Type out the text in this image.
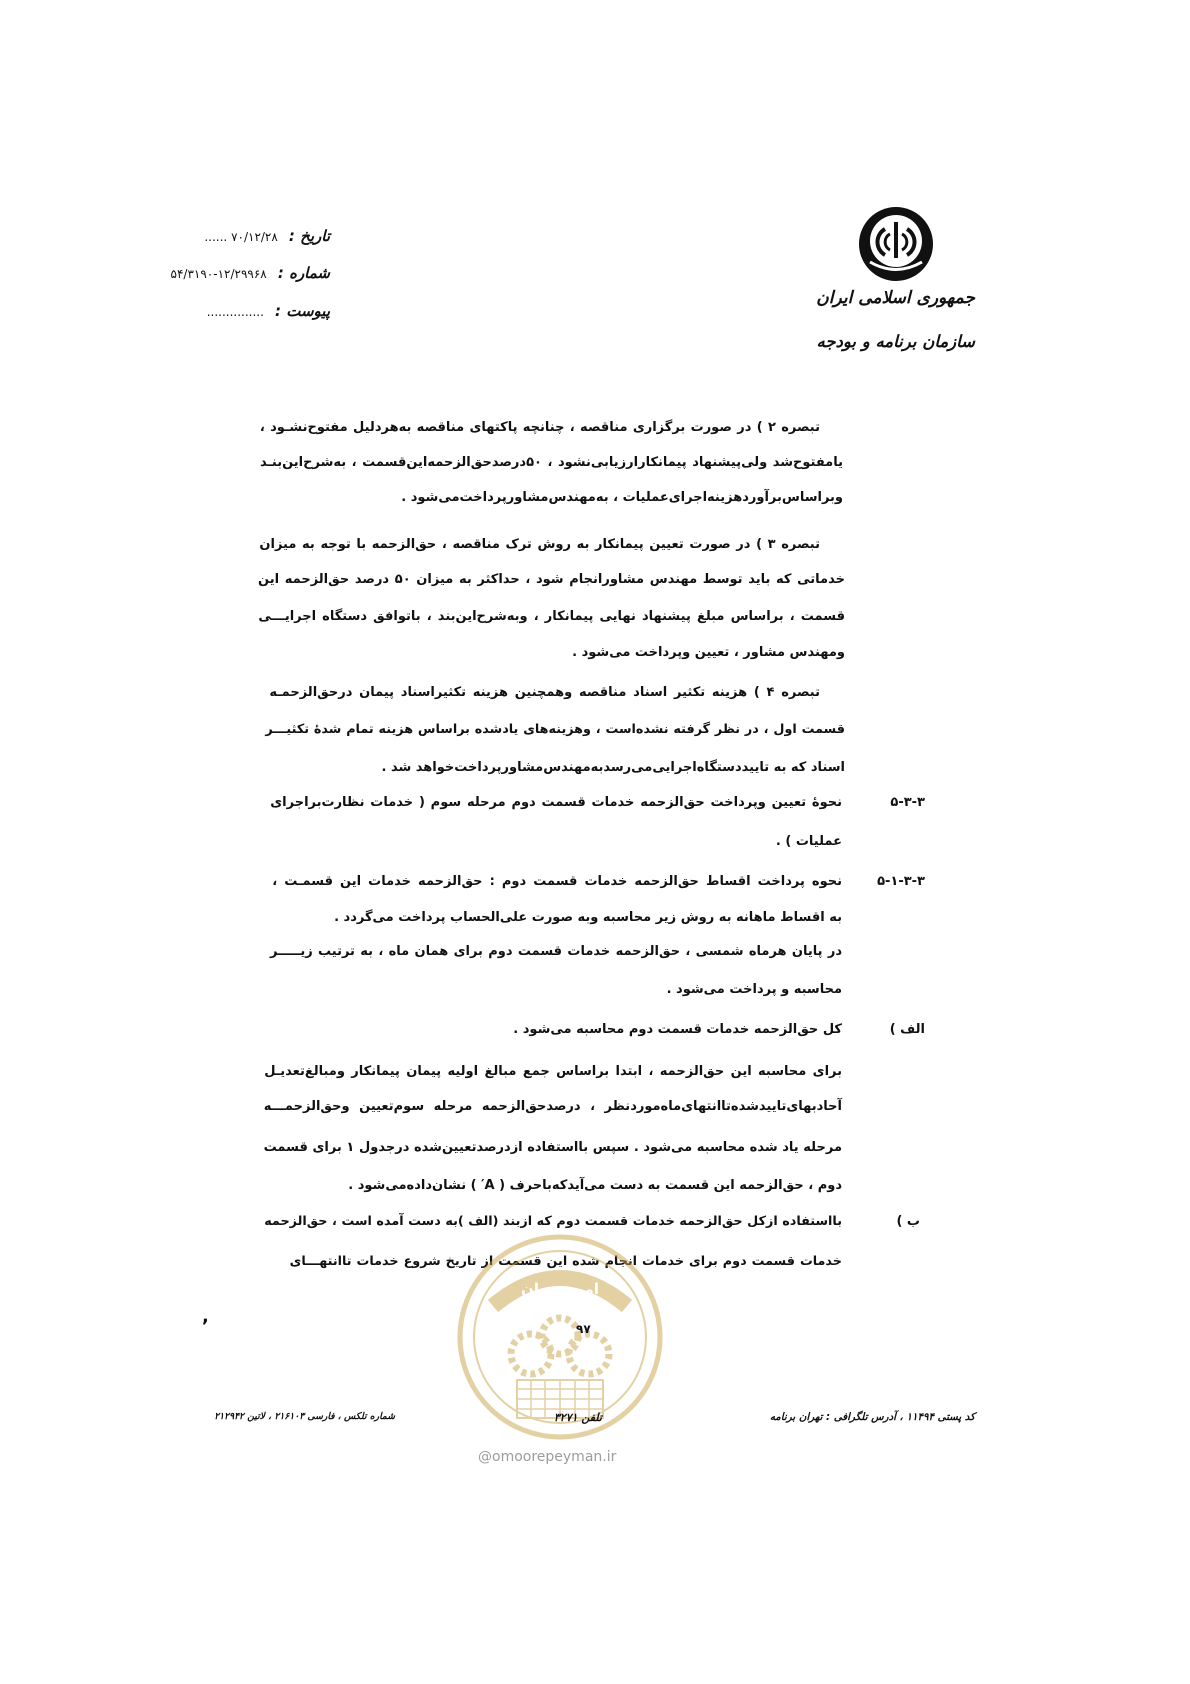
جمهوری اسلامی ایران
سازمان برنامه و بودجه
تاریخ : ۷۰/۱۲/۲۸ ......
شماره : ۱۲/۲۹۹۶۸-۵۴/۳۱۹۰
پیوست : ...............
تبصره ۲ ) در صورت برگزاری مناقصه ، چنانچه پاکتهای مناقصه به‌هردلیل مفتوح‌نشـود ،
یامفتوح‌شد ولی‌پیشنهاد پیمانکارارزیابی‌نشود ، ۵۰درصدحق‌الزحمه‌این‌قسمت ، به‌شرح‌این‌بنـد
وبراساس‌برآوردهزینه‌اجرای‌عملیات ، به‌مهندس‌مشاورپرداخت‌می‌شود .
تبصره ۳ ) در صورت تعیین پیمانکار به روش ترک مناقصه ، حق‌الزحمه با توجه به میزان
خدماتی که باید توسط مهندس مشاورانجام شود ، حداکثر به میزان ۵۰ درصد حق‌الزحمه این
قسمت ، براساس مبلغ پیشنهاد نهایی پیمانکار ، وبه‌شرح‌این‌بند ، باتوافق دستگاه اجرایـــی
ومهندس مشاور ، تعیین وپرداخت می‌شود .
تبصره ۴ ) هزینه تکثیر اسناد مناقصه وهمچنین هزینه تکثیراسناد پیمان درحق‌الزحمـه
قسمت اول ، در نظر گرفته نشده‌است ، وهزینه‌های یادشده براساس هزینه تمام شدهٔ تکثیـــر
اسناد که به تاییددستگاه‌اجرایی‌می‌رسدبه‌مهندس‌مشاورپرداخت‌خواهد شد .
۵-۳-۳
نحوهٔ تعیین وپرداخت حق‌الزحمه خدمات قسمت دوم مرحله سوم ( خدمات نظارت‌براجرای
عملیات ) .
۵-۱-۳-۳
نحوه پرداخت اقساط حق‌الزحمه خدمات قسمت دوم : حق‌الزحمه خدمات این قسمـت ،
به اقساط ماهانه به روش زیر محاسبه وبه صورت علی‌الحساب پرداخت می‌گردد .
در پایان هرماه شمسی ، حق‌الزحمه خدمات قسمت دوم برای همان ماه ، به ترتیب زیـــــر
محاسبه و پرداخت می‌شود .
الف )
کل حق‌الزحمه خدمات قسمت دوم محاسبه می‌شود .
برای محاسبه این حق‌الزحمه ، ابتدا براساس جمع مبالغ اولیه پیمان پیمانکار ومبالغ‌تعدیـل
آحادبهای‌تاییدشده‌تاانتهای‌ماه‌موردنظر ، درصدحق‌الزحمه مرحله سوم‌تعیین وحق‌الزحمـــه
مرحله یاد شده محاسبه می‌شود . سپس بااستفاده ازدرصدتعیین‌شده درجدول ۱ برای قسمت
دوم ، حق‌الزحمه این قسمت به دست می‌آیدکه‌باحرف ( A′ ) نشان‌داده‌می‌شود .
ب )
بااستفاده ازکل حق‌الزحمه خدمات قسمت دوم که ازبند (الف )به دست آمده است ، حق‌الزحمه
خدمات قسمت دوم برای خدمات انجام شده این قسمت از تاریخ شروع خدمات تاانتهـــای
امور پیمان
۹۷
,
کد پستی ۱۱۴۹۴ ، آدرس تلگرافی : تهران برنامه
تلفن ۳۲۷۱
شماره تلکس ، فارسی ۲۱۶۱۰۳ ، لاتین ۲۱۲۹۴۲
@omoorepeyman.ir
